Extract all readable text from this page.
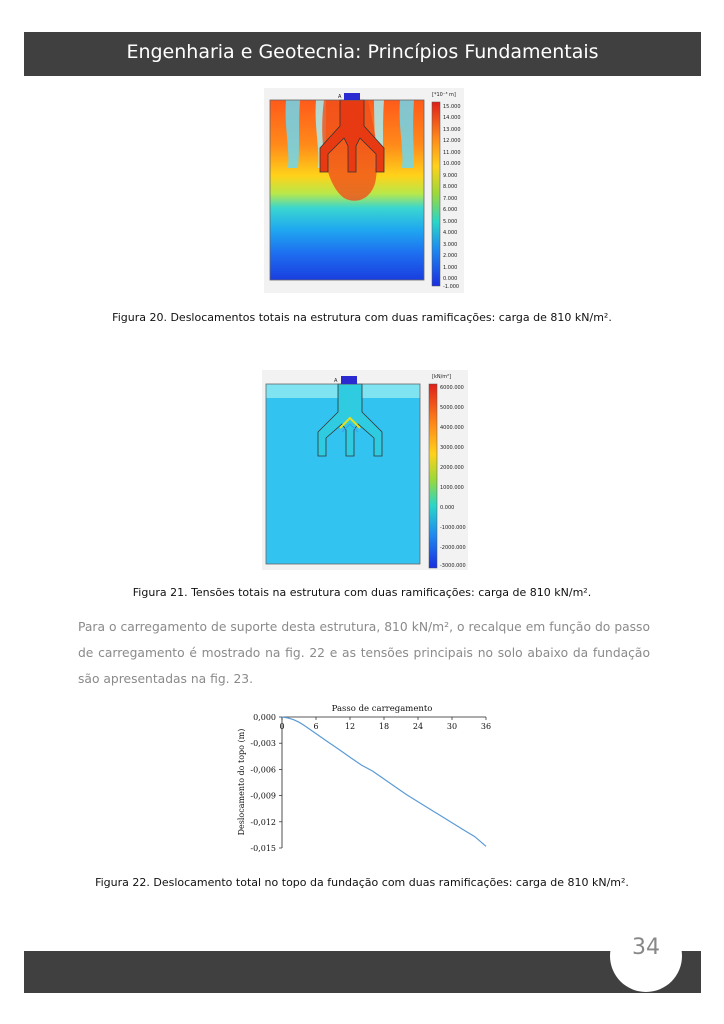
Engenharia e Geotecnia: Princípios Fundamentais
A	[*10⁻³ m]
15.000
14.000
13.000
12.000
11.000
10.000
9.000
8.000
7.000
6.000
5.000
4.000
3.000
2.000
1.000
0.000
-1.000
Figura 20. Deslocamentos totais na estrutura com duas ramificações: carga de 810 kN/m².
A
[kN/m²]
6000.000
5000.000
4000.000
3000.000
2000.000
1000.000
0.000
-1000.000
-2000.000
-3000.000
Figura 21. Tensões totais na estrutura com duas ramificações: carga de 810 kN/m².
Para o carregamento de suporte desta estrutura, 810 kN/m², o recalque em função do passo de carregamento é mostrado na fig. 22 e as tensões principais no solo abaixo da fundação são apresentadas na fig. 23.
Passo de carregamento
Deslocamento do topo (m)
0	6	12	18	24	30	36
0,000
-0,003
-0,006
-0,009
-0,012
-0,015
Figura 22. Deslocamento total no topo da fundação com duas ramificações: carga de 810 kN/m².
34
